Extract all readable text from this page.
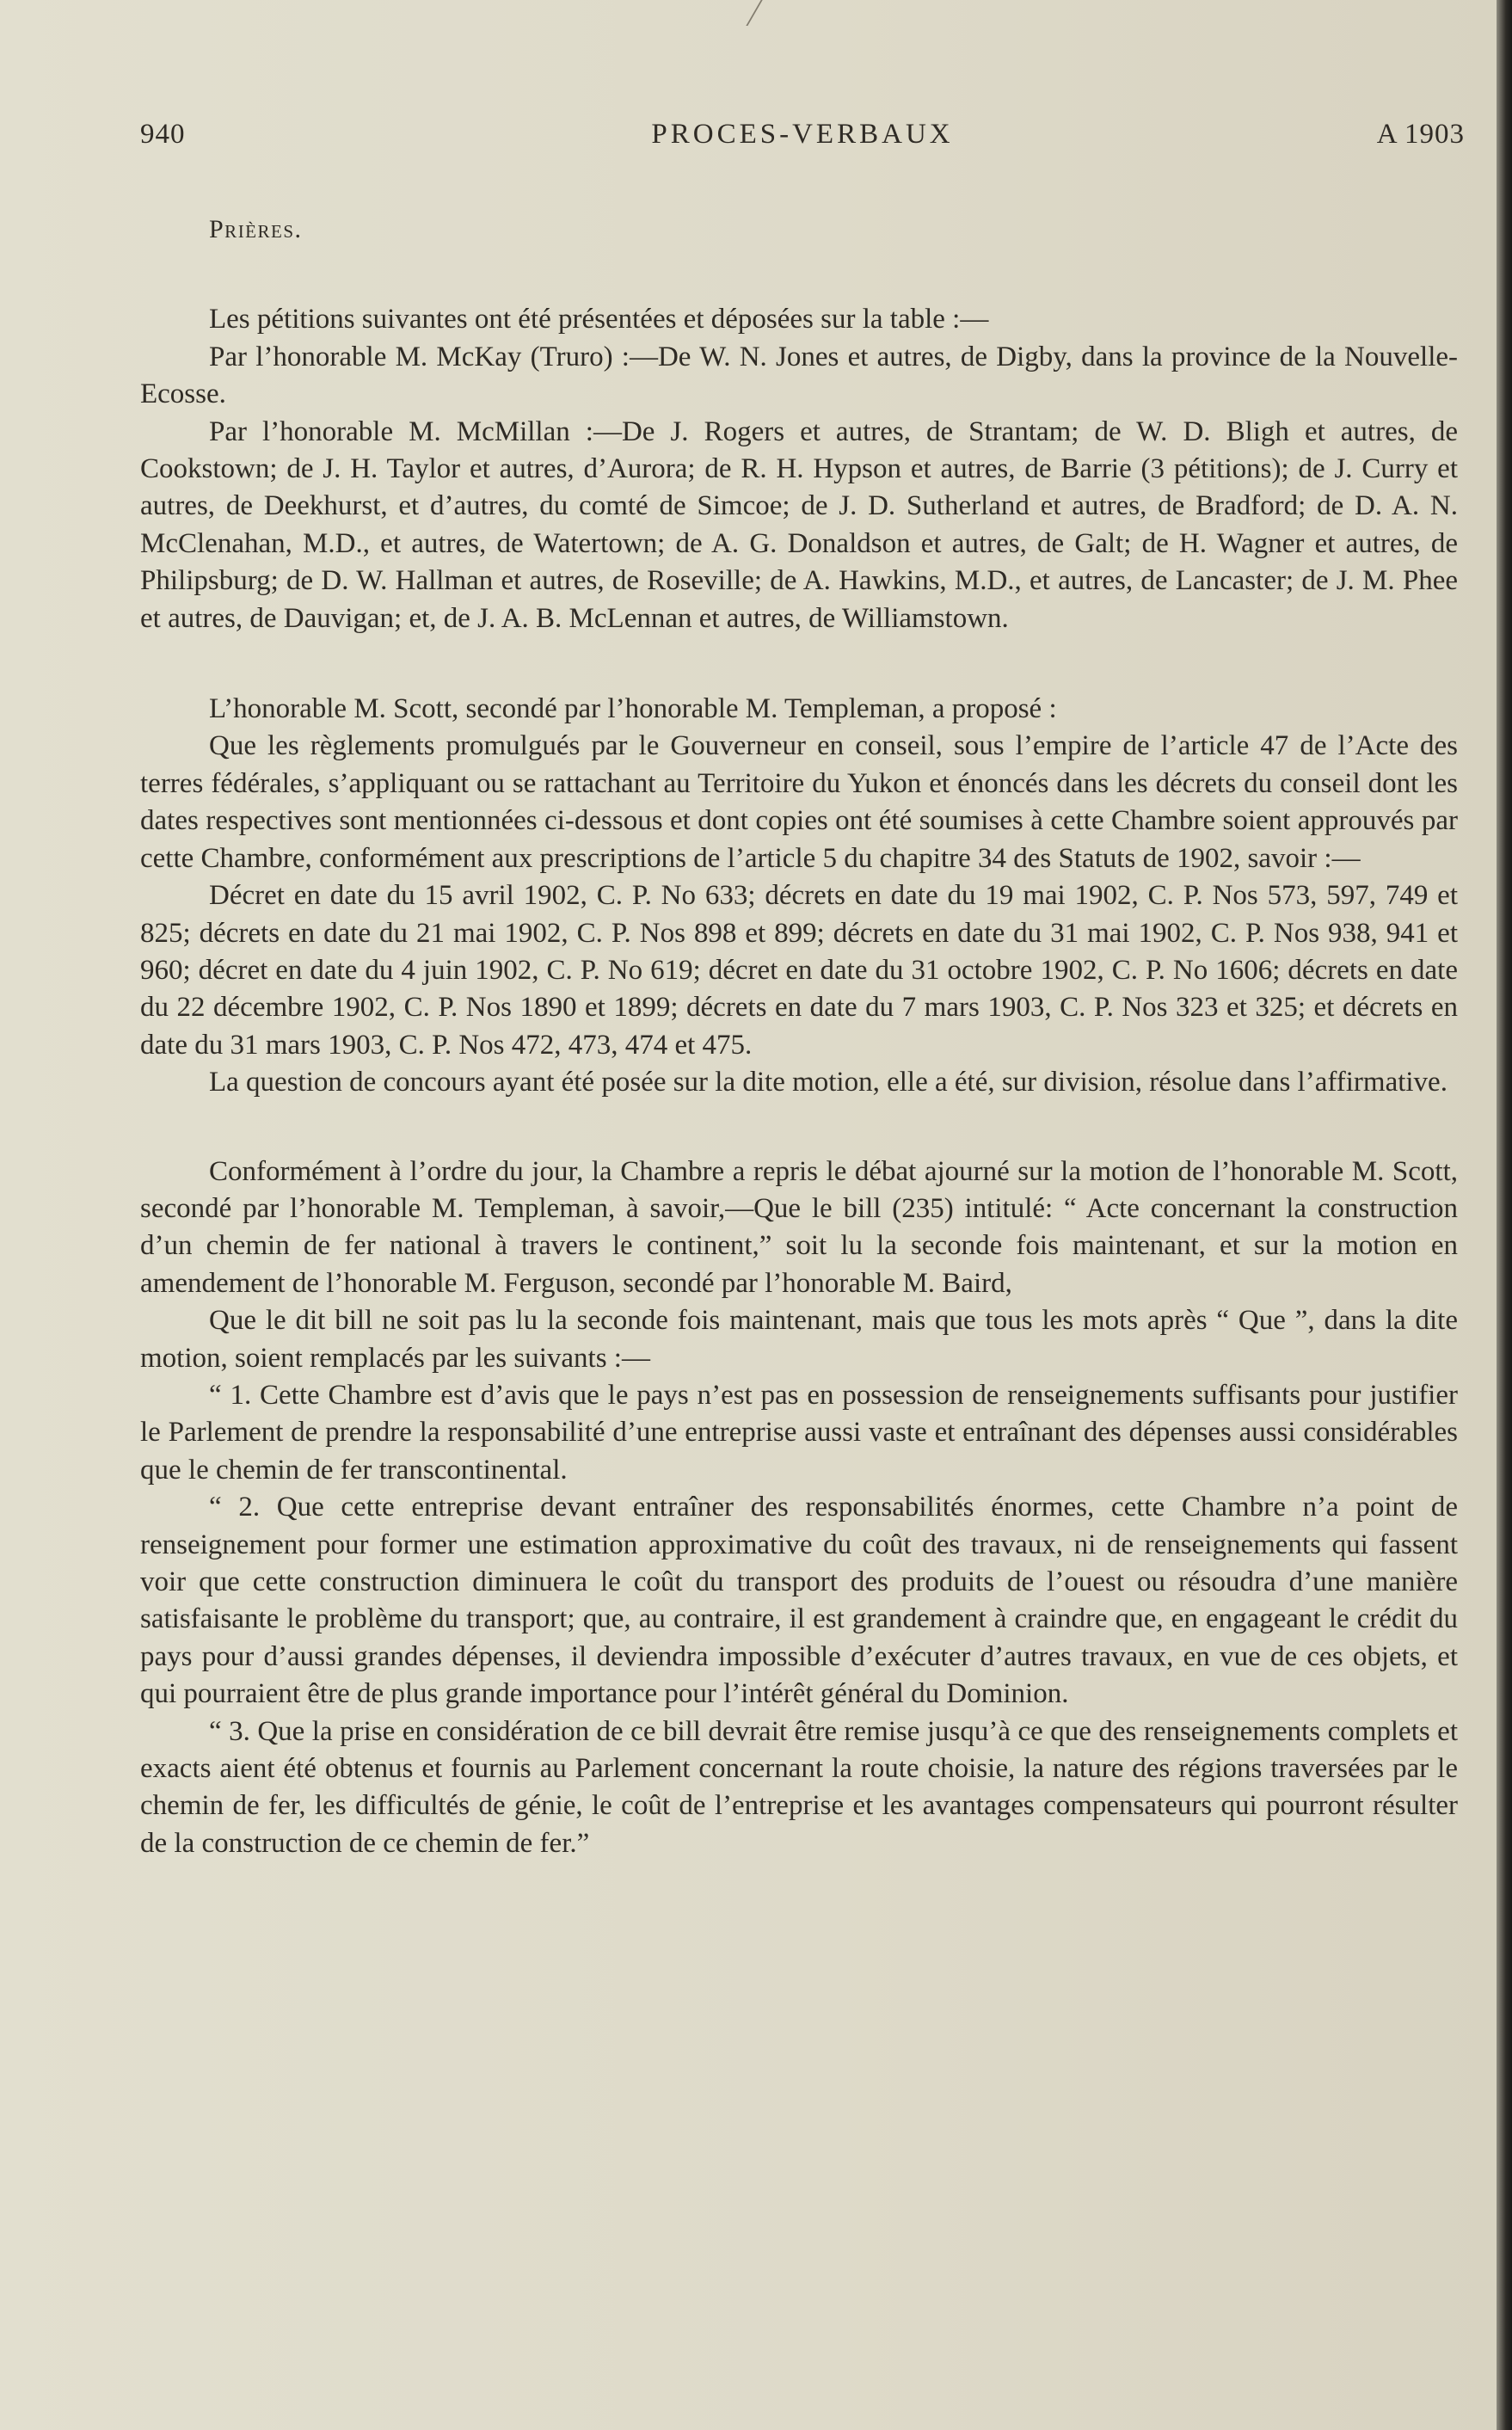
940	PROCES-VERBAUX	A 1903
Prières.

Les pétitions suivantes ont été présentées et déposées sur la table :—

Par l’honorable M. McKay (Truro) :—De W. N. Jones et autres, de Digby, dans la province de la Nouvelle-Ecosse.

Par l’honorable M. McMillan :—De J. Rogers et autres, de Strantam; de W. D. Bligh et autres, de Cookstown; de J. H. Taylor et autres, d’Aurora; de R. H. Hypson et autres, de Barrie (3 pétitions); de J. Curry et autres, de Deekhurst, et d’autres, du comté de Simcoe; de J. D. Sutherland et autres, de Bradford; de D. A. N. McClenahan, M.D., et autres, de Watertown; de A. G. Donaldson et autres, de Galt; de H. Wagner et autres, de Philipsburg; de D. W. Hallman et autres, de Roseville; de A. Hawkins, M.D., et autres, de Lancaster; de J. M. Phee et autres, de Dauvigan; et, de J. A. B. McLennan et autres, de Williamstown.

L’honorable M. Scott, secondé par l’honorable M. Templeman, a proposé :

Que les règlements promulgués par le Gouverneur en conseil, sous l’empire de l’article 47 de l’Acte des terres fédérales, s’appliquant ou se rattachant au Territoire du Yukon et énoncés dans les décrets du conseil dont les dates respectives sont mentionnées ci-dessous et dont copies ont été soumises à cette Chambre soient approuvés par cette Chambre, conformément aux prescriptions de l’article 5 du chapitre 34 des Statuts de 1902, savoir :—

Décret en date du 15 avril 1902, C. P. No 633; décrets en date du 19 mai 1902, C. P. Nos 573, 597, 749 et 825; décrets en date du 21 mai 1902, C. P. Nos 898 et 899; décrets en date du 31 mai 1902, C. P. Nos 938, 941 et 960; décret en date du 4 juin 1902, C. P. No 619; décret en date du 31 octobre 1902, C. P. No 1606; décrets en date du 22 décembre 1902, C. P. Nos 1890 et 1899; décrets en date du 7 mars 1903, C. P. Nos 323 et 325; et décrets en date du 31 mars 1903, C. P. Nos 472, 473, 474 et 475.

La question de concours ayant été posée sur la dite motion, elle a été, sur division, résolue dans l’affirmative.

Conformément à l’ordre du jour, la Chambre a repris le débat ajourné sur la motion de l’honorable M. Scott, secondé par l’honorable M. Templeman, à savoir,—Que le bill (235) intitulé: “ Acte concernant la construction d’un chemin de fer national à travers le continent,” soit lu la seconde fois maintenant, et sur la motion en amendement de l’honorable M. Ferguson, secondé par l’honorable M. Baird,

Que le dit bill ne soit pas lu la seconde fois maintenant, mais que tous les mots après “ Que ”, dans la dite motion, soient remplacés par les suivants :—

“ 1. Cette Chambre est d’avis que le pays n’est pas en possession de renseignements suffisants pour justifier le Parlement de prendre la responsabilité d’une entreprise aussi vaste et entraînant des dépenses aussi considérables que le chemin de fer transcontinental.

“ 2. Que cette entreprise devant entraîner des responsabilités énormes, cette Chambre n’a point de renseignement pour former une estimation approximative du coût des travaux, ni de renseignements qui fassent voir que cette construction diminuera le coût du transport des produits de l’ouest ou résoudra d’une manière satisfaisante le problème du transport; que, au contraire, il est grandement à craindre que, en engageant le crédit du pays pour d’aussi grandes dépenses, il deviendra impossible d’exécuter d’autres travaux, en vue de ces objets, et qui pourraient être de plus grande importance pour l’intérêt général du Dominion.

“ 3. Que la prise en considération de ce bill devrait être remise jusqu’à ce que des renseignements complets et exacts aient été obtenus et fournis au Parlement concernant la route choisie, la nature des régions traversées par le chemin de fer, les difficultés de génie, le coût de l’entreprise et les avantages compensateurs qui pourront résulter de la construction de ce chemin de fer.”
